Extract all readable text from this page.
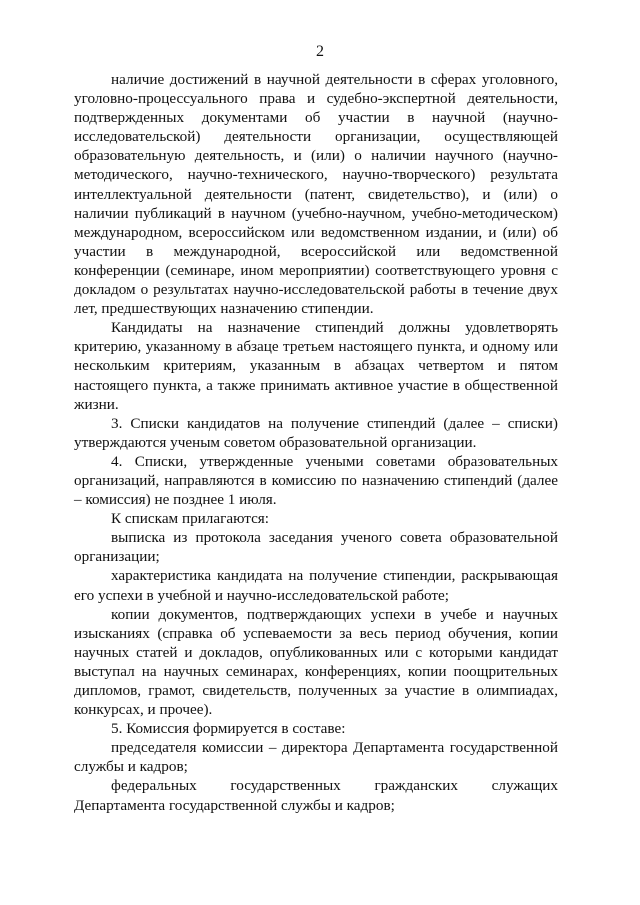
2

наличие достижений в научной деятельности в сферах уголовного, уголовно-процессуального права и судебно-экспертной деятельности, подтвержденных документами об участии в научной (научно-исследовательской) деятельности организации, осуществляющей образовательную деятельность, и (или) о наличии научного (научно-методического, научно-технического, научно-творческого) результата интеллектуальной деятельности (патент, свидетельство), и (или) о наличии публикаций в научном (учебно-научном, учебно-методическом) международном, всероссийском или ведомственном издании, и (или) об участии в международной, всероссийской или ведомственной конференции (семинаре, ином мероприятии) соответствующего уровня с докладом о результатах научно-исследовательской работы в течение двух лет, предшествующих назначению стипендии.

Кандидаты на назначение стипендий должны удовлетворять критерию, указанному в абзаце третьем настоящего пункта, и одному или нескольким критериям, указанным в абзацах четвертом и пятом настоящего пункта, а также принимать активное участие в общественной жизни.

3. Списки кандидатов на получение стипендий (далее – списки) утверждаются ученым советом образовательной организации.

4. Списки, утвержденные учеными советами образовательных организаций, направляются в комиссию по назначению стипендий (далее – комиссия) не позднее 1 июля.

К спискам прилагаются:

выписка из протокола заседания ученого совета образовательной организации;

характеристика кандидата на получение стипендии, раскрывающая его успехи в учебной и научно-исследовательской работе;

копии документов, подтверждающих успехи в учебе и научных изысканиях (справка об успеваемости за весь период обучения, копии научных статей и докладов, опубликованных или с которыми кандидат выступал на научных семинарах, конференциях, копии поощрительных дипломов, грамот, свидетельств, полученных за участие в олимпиадах, конкурсах, и прочее).

5. Комиссия формируется в составе:

председателя комиссии – директора Департамента государственной службы и кадров;

федеральных государственных гражданских служащих Департамента государственной службы и кадров;
